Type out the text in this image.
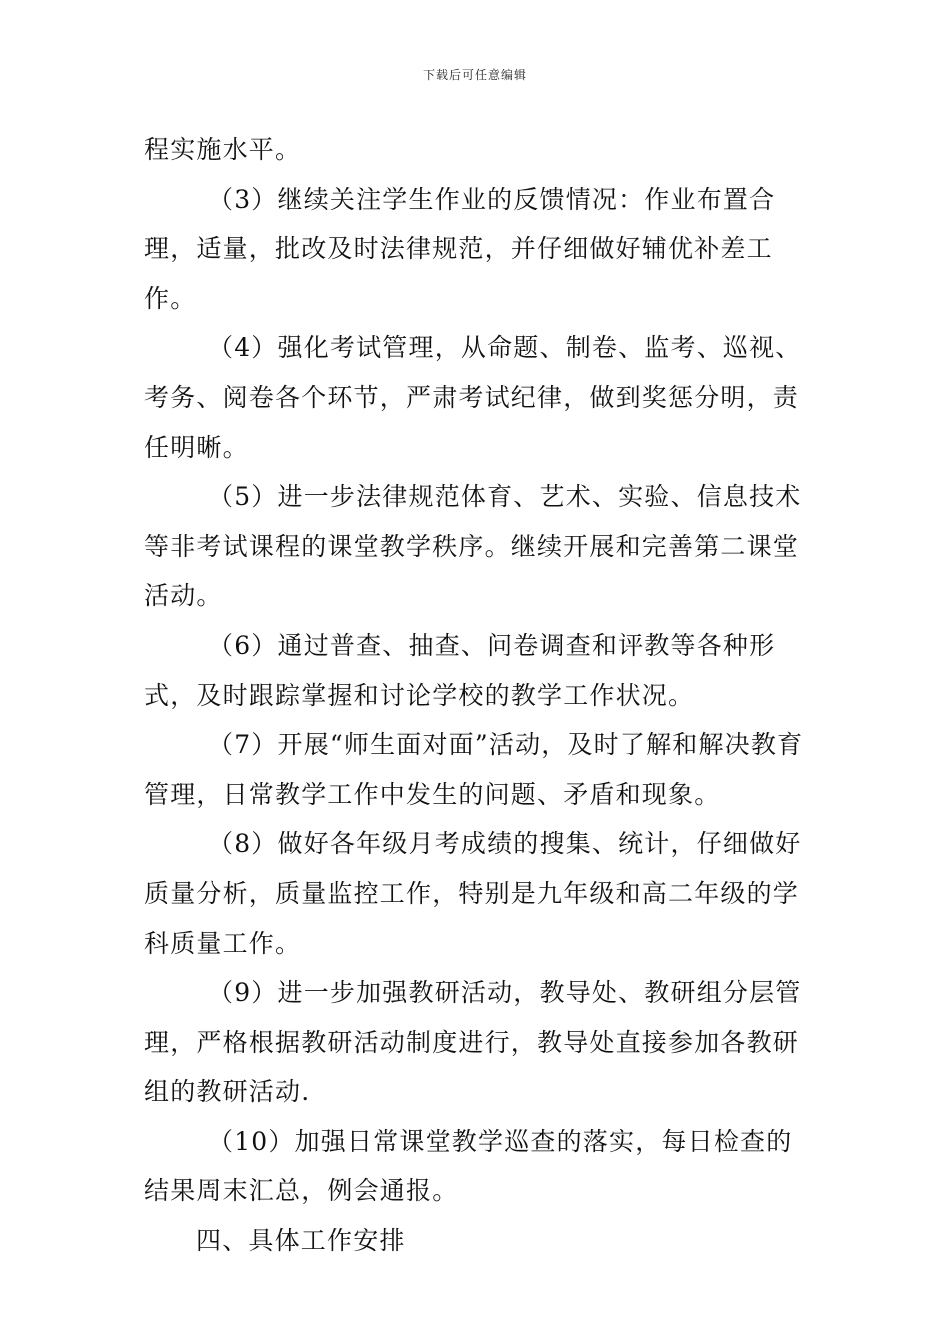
下载后可任意编辑

程实施水平。

（3）继续关注学生作业的反馈情况：作业布置合理，适量，批改及时法律规范，并仔细做好辅优补差工作。

（4）强化考试管理，从命题、制卷、监考、巡视、考务、阅卷各个环节，严肃考试纪律，做到奖惩分明，责任明晰。

（5）进一步法律规范体育、艺术、实验、信息技术等非考试课程的课堂教学秩序。继续开展和完善第二课堂活动。

（6）通过普查、抽查、问卷调查和评教等各种形式，及时跟踪掌握和讨论学校的教学工作状况。

（7）开展“师生面对面”活动，及时了解和解决教育管理，日常教学工作中发生的问题、矛盾和现象。

（8）做好各年级月考成绩的搜集、统计，仔细做好质量分析，质量监控工作，特别是九年级和高二年级的学科质量工作。

（9）进一步加强教研活动，教导处、教研组分层管理，严格根据教研活动制度进行，教导处直接参加各教研组的教研活动.

（10）加强日常课堂教学巡查的落实，每日检查的结果周末汇总，例会通报。

四、具体工作安排
